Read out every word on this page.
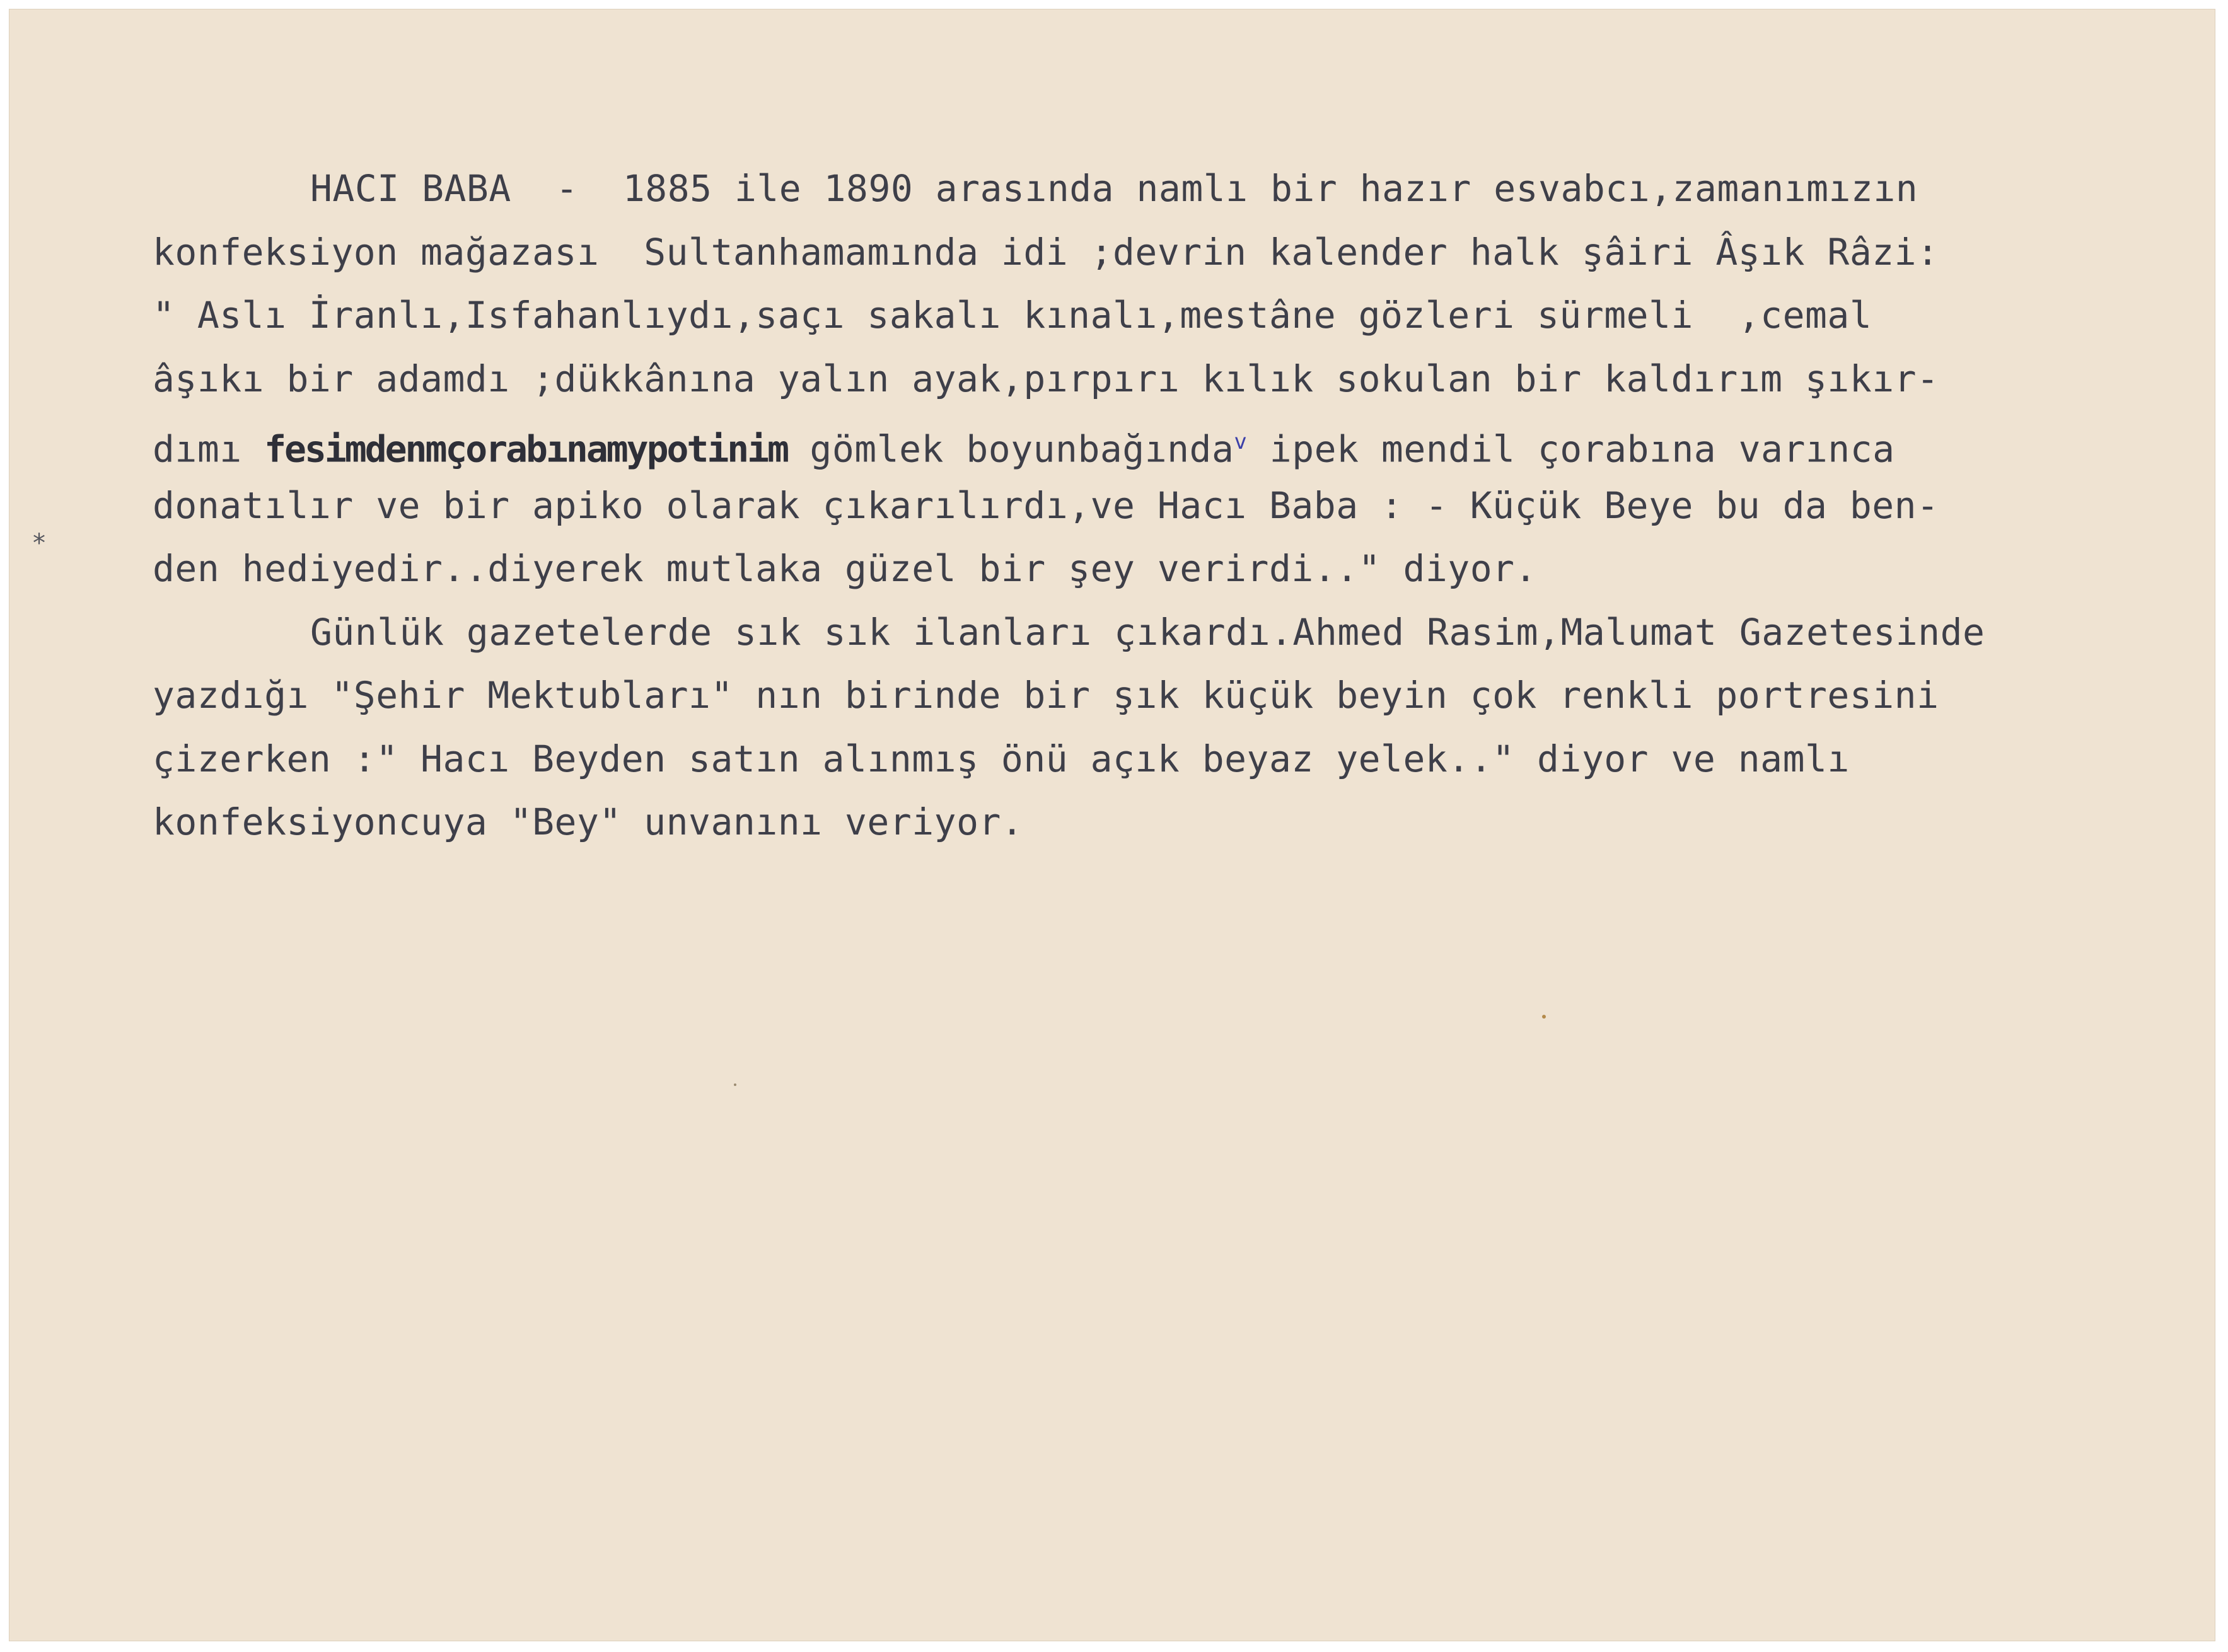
*
HACI BABA  -  1885 ile 1890 arasında namlı bir hazır esvabcı,zamanımızın
konfeksiyon mağazası  Sultanhamamında idi ;devrin kalender halk şâiri Âşık Râzi:
" Aslı İranlı,Isfahanlıydı,saçı sakalı kınalı,mestâne gözleri sürmeli  ,cemal
âşıkı bir adamdı ;dükkânına yalın ayak,pırpırı kılık sokulan bir kaldırım şıkır-
dımı fesimdenmçorabınamypotinim gömlek boyunbağında$^v$ ipek mendil çorabına varınca
donatılır ve bir apiko olarak çıkarılırdı,ve Hacı Baba : - Küçük Beye bu da ben-
den hediyedir..diyerek mutlaka güzel bir şey verirdi.." diyor.
Günlük gazetelerde sık sık ilanları çıkardı.Ahmed Rasim,Malumat Gazetesinde
yazdığı "Şehir Mektubları" nın birinde bir şık küçük beyin çok renkli portresini
çizerken :" Hacı Beyden satın alınmış önü açık beyaz yelek.." diyor ve namlı
konfeksiyoncuya "Bey" unvanını veriyor.
